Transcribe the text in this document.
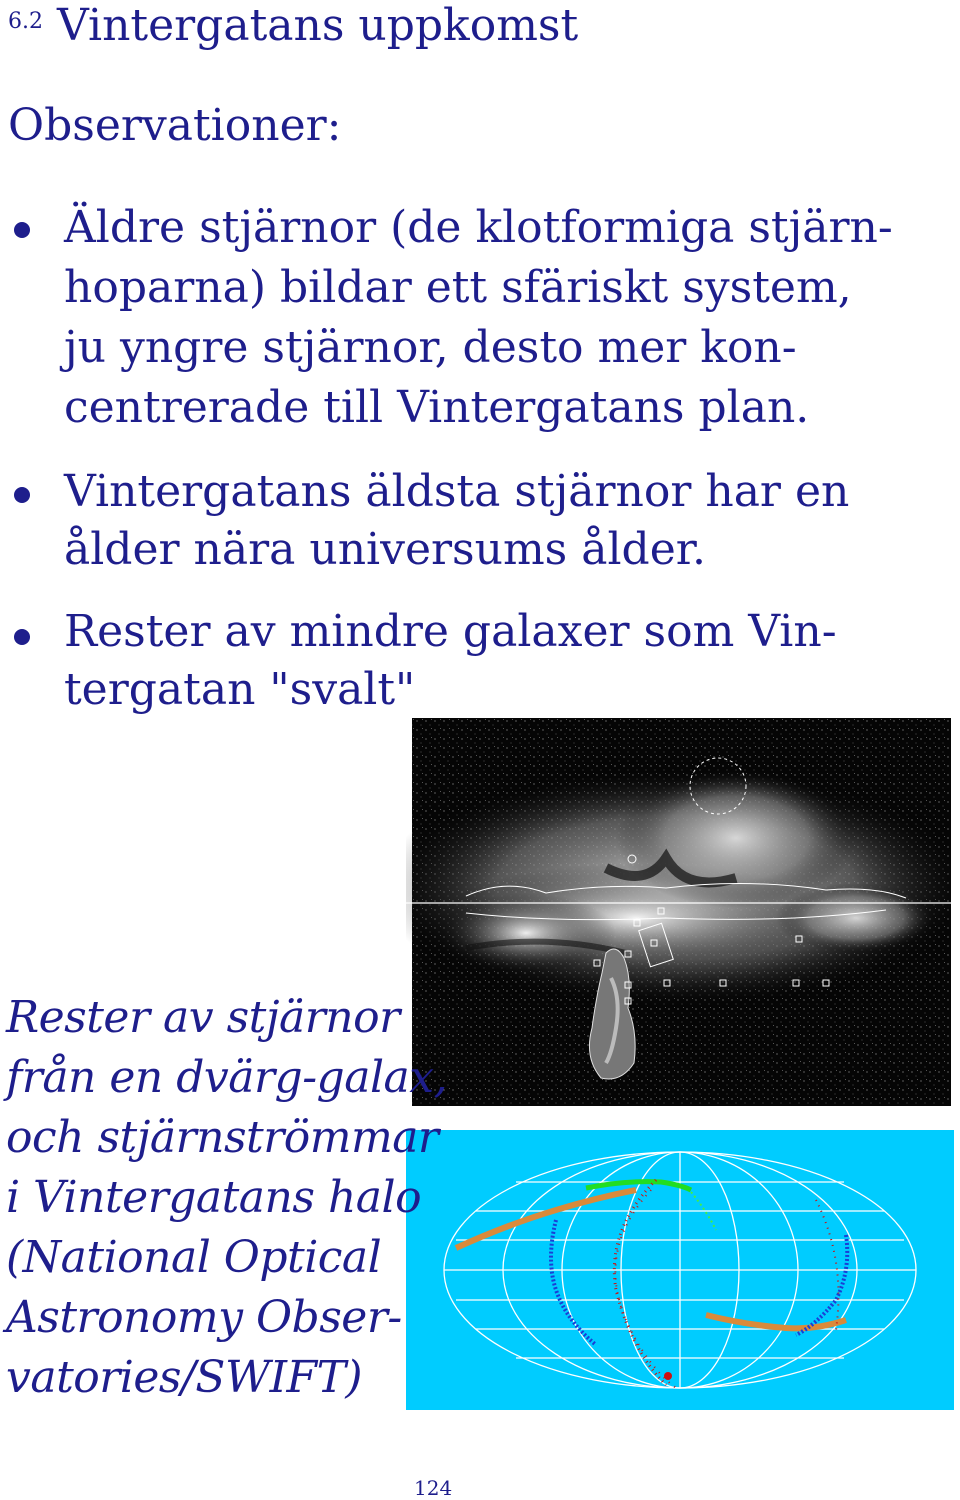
6.2 Vintergatans uppkomst
Observationer:
Äldre stjärnor (de klotformiga stjärn-
hoparna) bildar ett sfäriskt system,
ju yngre stjärnor, desto mer kon-
centrerade till Vintergatans plan.
Vintergatans äldsta stjärnor har en
ålder nära universums ålder.
Rester av mindre galaxer som Vin-
tergatan "svalt"
Rester av stjärnor
från en dvärg-galax,
och stjärnströmmar
i Vintergatans halo
(National Optical
Astronomy Obser-
vatories/SWIFT)
124
